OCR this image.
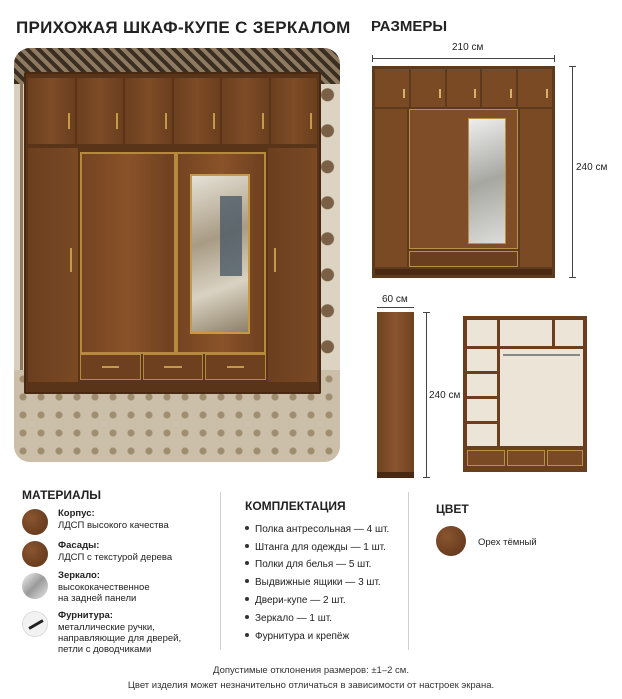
ПРИХОЖАЯ ШКАФ-КУПЕ С ЗЕРКАЛОМ РАЗМЕРЫ
210 см
240 см
60 см
240 см
МАТЕРИАЛЫ
Корпус:
ЛДСП высокого качества
Фасады:
ЛДСП с текстурой дерева
Зеркало:
высококачественное
на задней панели
Фурнитура:
металлические ручки,
направляющие для дверей,
петли с доводчиками
КОМПЛЕКТАЦИЯ
Полка антресольная — 4 шт.
Штанга для одежды — 1 шт.
Полки для белья — 5 шт.
Выдвижные ящики — 3 шт.
Двери-купе — 2 шт.
Зеркало — 1 шт.
Фурнитура и крепёж
ЦВЕТ
Орех тёмный
Допустимые отклонения размеров: ±1–2 см.
Цвет изделия может незначительно отличаться в зависимости от настроек экрана.
